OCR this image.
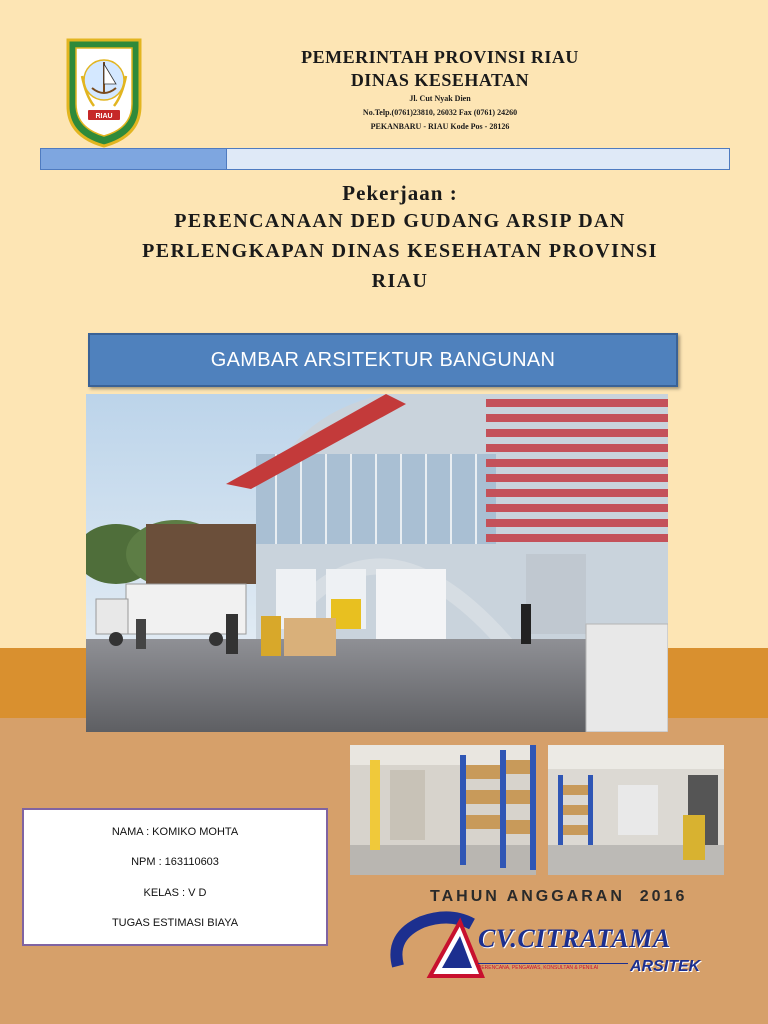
RIAU
PEMERINTAH PROVINSI RIAU
DINAS KESEHATAN
Jl. Cut Nyak Dien
No.Telp.(0761)23810, 26032 Fax (0761) 24260
PEKANBARU - RIAU Kode Pos - 28126
Pekerjaan :
PERENCANAAN DED GUDANG ARSIP DAN
PERLENGKAPAN DINAS KESEHATAN PROVINSI
RIAU
GAMBAR ARSITEKTUR BANGUNAN
NAMA : KOMIKO MOHTA
NPM : 163110603
KELAS : V D
TUGAS ESTIMASI BIAYA
TAHUN ANGGARAN  2016
CV.CITRATAMA
PERENCANA, PENGAWAS, KONSULTAN & PENILAI	ARSITEK
